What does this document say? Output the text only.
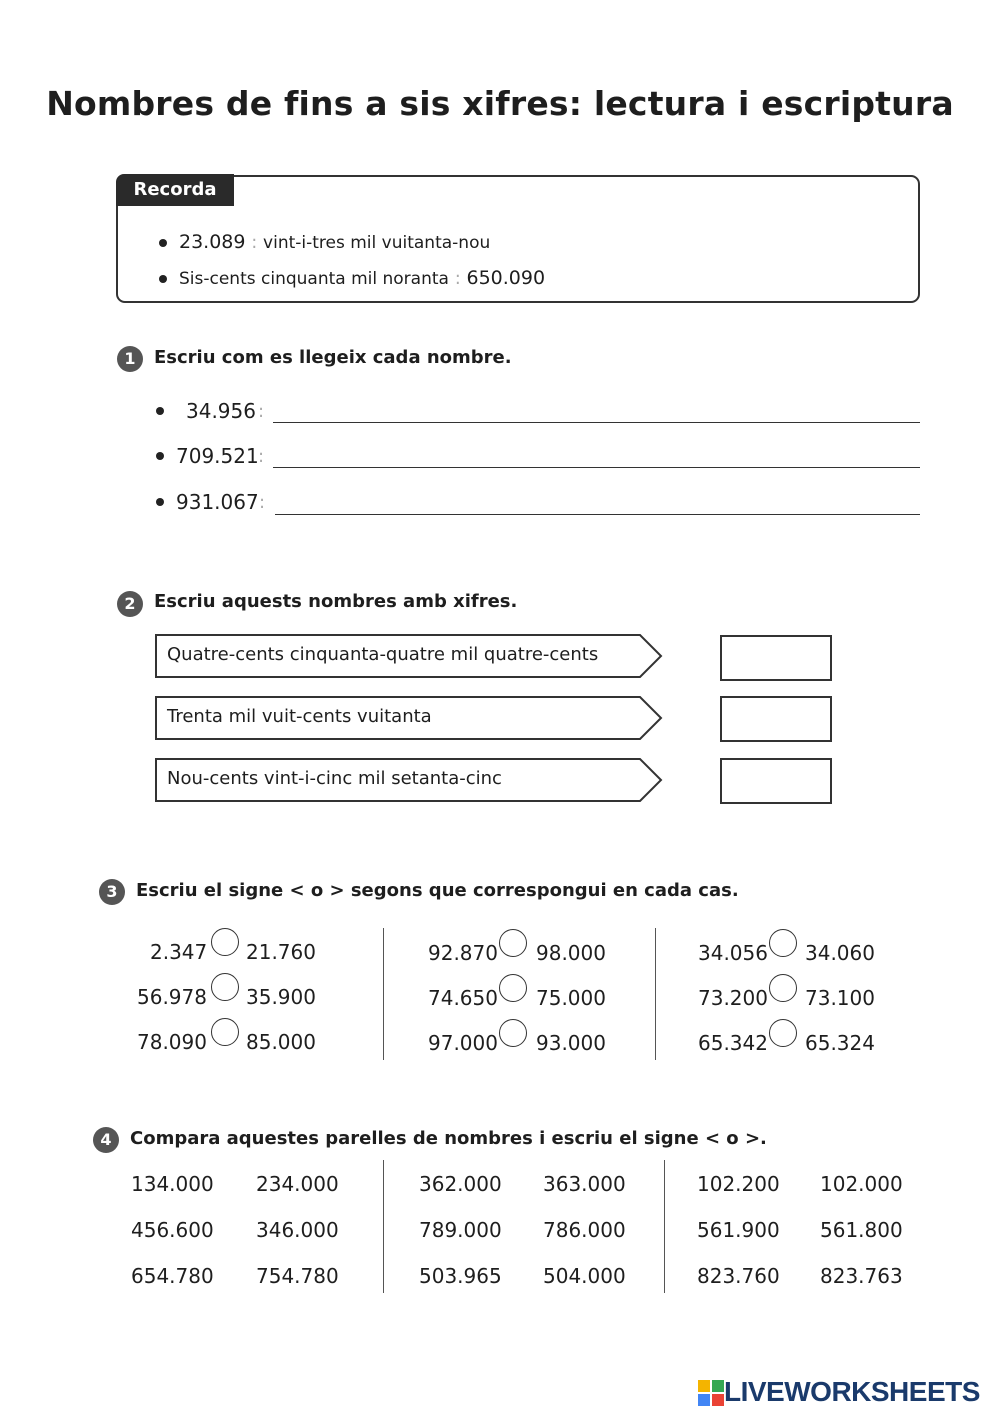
Nombres de fins a sis xifres: lectura i escriptura
Recorda
23.089 : vint-i-tres mil vuitanta-nou
Sis-cents cinquanta mil noranta : 650.090
1	Escriu com es llegeix cada nombre.
34.956 :
709.521 :
931.067 :
2	Escriu aquests nombres amb xifres.
Quatre-cents cinquanta-quatre mil quatre-cents
Trenta mil vuit-cents vuitanta
Nou-cents vint-i-cinc mil setanta-cinc
3	Escriu el signe < o > segons que correspongui en cada cas.
2.347 21.760
56.978 35.900
78.090 85.000
92.870 98.000
74.650 75.000
97.000 93.000
34.056 34.060
73.200 73.100
65.342 65.324
4	Compara aquestes parelles de nombres i escriu el signe < o >.
134.000 234.000
456.600 346.000
654.780 754.780
362.000 363.000
789.000 786.000
503.965 504.000
102.200 102.000
561.900 561.800
823.760 823.763
LIVEWORKSHEETS
